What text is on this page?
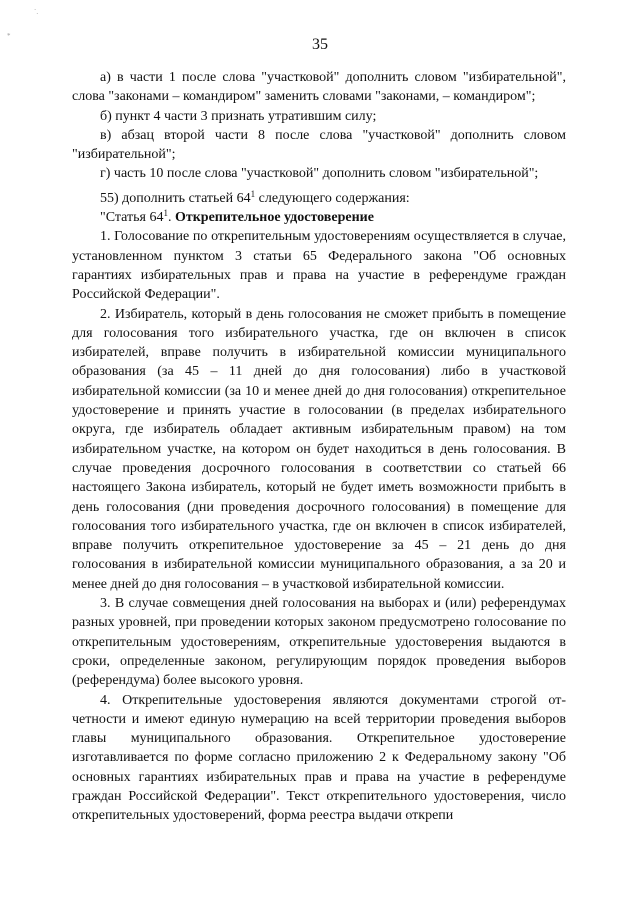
`.
*	35

а) в части 1 после слова "участковой" дополнить словом "избирательной", слова "законами – командиром" заменить словами "законами, – командиром";

б) пункт 4 части 3 признать утратившим силу;

в) абзац второй части 8 после слова "участковой" дополнить словом "избирательной";

г) часть 10 после слова "участковой" дополнить словом "избирательной";

55) дополнить статьей $64^1$ следующего содержания:

"Статья $64^1$. Открепительное удостоверение

1. Голосование по открепительным удостоверениям осуществляется в случае, установленном пунктом 3 статьи 65 Федерального закона "Об основных гарантиях избирательных прав и права на участие в референдуме граждан Российской Федерации".

2. Избиратель, который в день голосования не сможет прибыть в помещение для голосования того избирательного участка, где он включен в список избирателей, вправе получить в избирательной комиссии муниципального образования (за 45 – 11 дней до дня голосования) либо в участковой избирательной комиссии (за 10 и менее дней до дня голосования) открепительное удостоверение и принять участие в голосовании (в пределах избирательного округа, где избиратель обладает активным избирательным правом) на том избирательном участке, на котором он будет находиться в день голосования. В случае проведения досрочного голосования в соответствии со статьей 66 настоящего Закона избиратель, который не будет иметь возможности прибыть в день голосования (дни проведения досрочного голосования) в помещение для голосования того избирательного участка, где он включен в список избирателей, вправе получить открепительное удостоверение за 45 – 21 день до дня голосования в избирательной комиссии муниципального образования, а за 20 и менее дней до дня голосования – в участковой избирательной комиссии.

3. В случае совмещения дней голосования на выборах и (или) референдумах разных уровней, при проведении которых законом предусмотрено голосование по открепительным удостоверениям, открепительные удостоверения выдаются в сроки, определенные законом, регулирующим порядок проведения выборов (референдума) более высокого уровня.

4. Открепительные удостоверения являются документами строгой отчетности и имеют единую нумерацию на всей территории проведения выборов главы муниципального образования. Открепительное удостоверение изготавливается по форме согласно приложению 2 к Федеральному закону "Об основных гарантиях избирательных прав и права на участие в референдуме граждан Российской Федерации". Текст открепительного удостоверения, число открепительных удостоверений, форма реестра выдачи открепи
